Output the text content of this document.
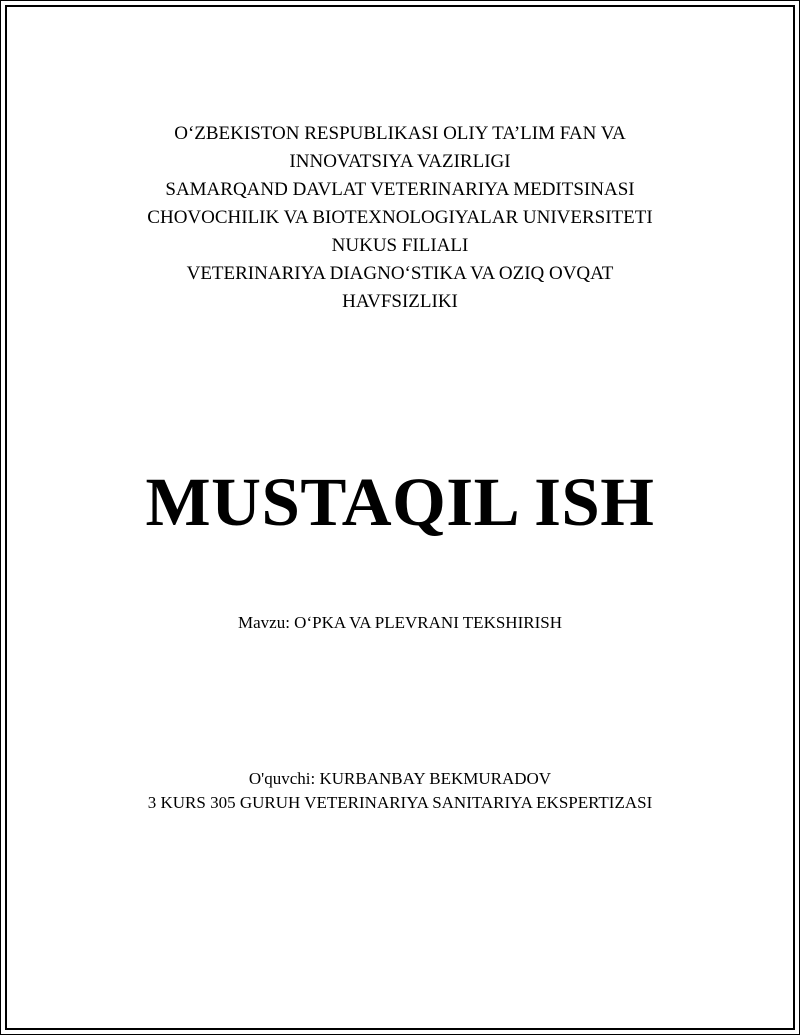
O‘ZBEKISTON RESPUBLIKASI OLIY TA’LIM FAN VA
INNOVATSIYA VAZIRLIGI
SAMARQAND DAVLAT VETERINARIYA MEDITSINASI
CHOVOCHILIK VA BIOTEXNOLOGIYALAR UNIVERSITETI
NUKUS FILIALI
VETERINARIYA DIAGNO‘STIKA VA OZIQ OVQAT
HAVFSIZLIKI
MUSTAQIL ISH
Mavzu: O‘PKA VA PLEVRANI TEKSHIRISH
O'quvchi: KURBANBAY BEKMURADOV
3 KURS 305 GURUH VETERINARIYA SANITARIYA EKSPERTIZASI
